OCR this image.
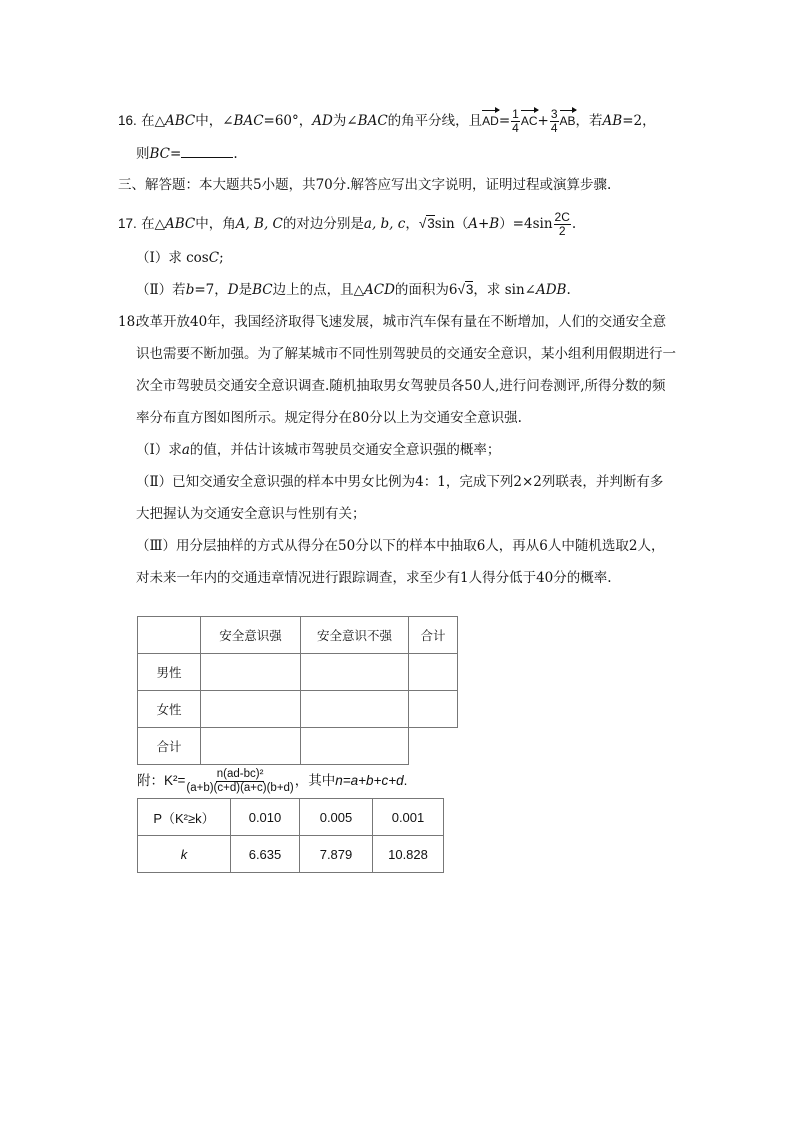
16. 在△ABC中，∠BAC=60°，AD为∠BAC的角平分线，且$AD= \frac{1}{4} AC+ \frac{3}{4}$ AB，若AB=2，
则BC=	.
三、解答题：本大题共5小题，共70分.解答应写出文字说明，证明过程或演算步骤.
17. 在△ABC中，角A, B, C的对边分别是a, b, c，$√3\sin(A+B)=4\sin \frac{2C}{2}$ .
（Ⅰ）求 cosC;
（Ⅱ）若b=7，D是BC边上的点，且△ACD的面积为6√3，求 sin∠ADB.
18.
改革开放40年，我国经济取得飞速发展，城市汽车保有量在不断增加，人们的交通安全意识也需要不断加强。为了解某城市不同性别驾驶员的交通安全意识，某小组利用假期进行一次全市驾驶员交通安全意识调查.随机抽取男女驾驶员各50人,进行问卷测评,所得分数的频率分布直方图如图所示。规定得分在80分以上为交通安全意识强.
（Ⅰ）求a的值，并估计该城市驾驶员交通安全意识强的概率；
（Ⅱ）已知交通安全意识强的样本中男女比例为4：1，完成下列2×2列联表，并判断有多大把握认为交通安全意识与性别有关；
（Ⅲ）用分层抽样的方式从得分在50分以下的样本中抽取6人，再从6人中随机选取2人，对未来一年内的交通违章情况进行跟踪调查，求至少有1人得分低于40分的概率.
	安全意识强	安全意识不强	合计
男性			
女性			
合计			
附：$K^2= \frac{\text{n(ad-bc)²}}{(a+b)(c+d)(a+c)(b+d)}$ ，其中n=a+b+c+d.
P（K²≥k）	0.010	0.005	0.001
k	6.635	7.879	10.828
